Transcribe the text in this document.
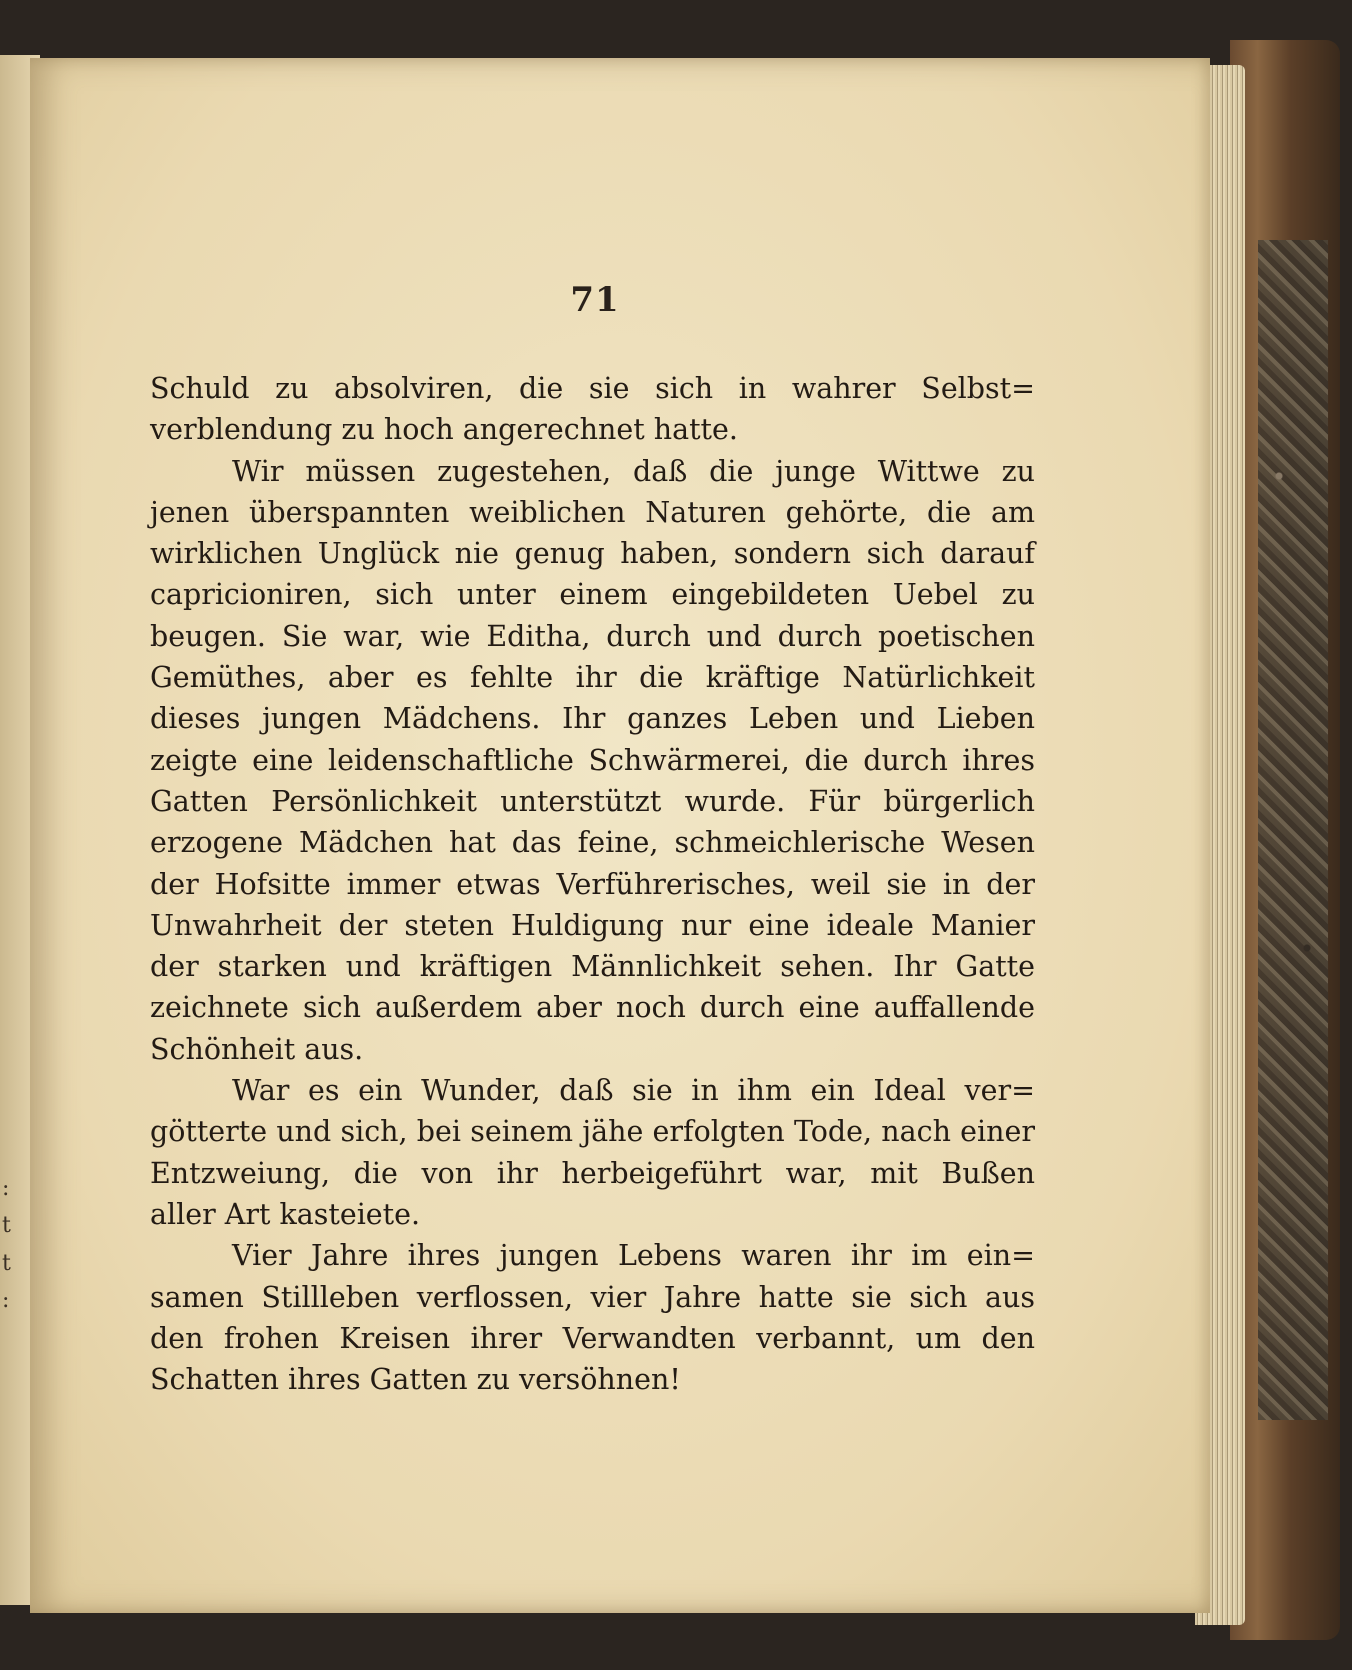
71
Schuld zu absolviren, die sie sich in wahrer Selbst=
verblendung zu hoch angerechnet hatte.
Wir müssen zugestehen, daß die junge Wittwe zu
jenen überspannten weiblichen Naturen gehörte, die am
wirklichen Unglück nie genug haben, sondern sich darauf
capricioniren, sich unter einem eingebildeten Uebel zu
beugen. Sie war, wie Editha, durch und durch poetischen
Gemüthes, aber es fehlte ihr die kräftige Natürlichkeit
dieses jungen Mädchens. Ihr ganzes Leben und Lieben
zeigte eine leidenschaftliche Schwärmerei, die durch ihres
Gatten Persönlichkeit unterstützt wurde. Für bürgerlich
erzogene Mädchen hat das feine, schmeichlerische Wesen
der Hofsitte immer etwas Verführerisches, weil sie in der
Unwahrheit der steten Huldigung nur eine ideale Manier
der starken und kräftigen Männlichkeit sehen. Ihr Gatte
zeichnete sich außerdem aber noch durch eine auffallende
Schönheit aus.
War es ein Wunder, daß sie in ihm ein Ideal ver=
götterte und sich, bei seinem jähe erfolgten Tode, nach einer
Entzweiung, die von ihr herbeigeführt war, mit Bußen
aller Art kasteiete.
Vier Jahre ihres jungen Lebens waren ihr im ein=
samen Stillleben verflossen, vier Jahre hatte sie sich aus
den frohen Kreisen ihrer Verwandten verbannt, um den
Schatten ihres Gatten zu versöhnen!
:
t
t
:
